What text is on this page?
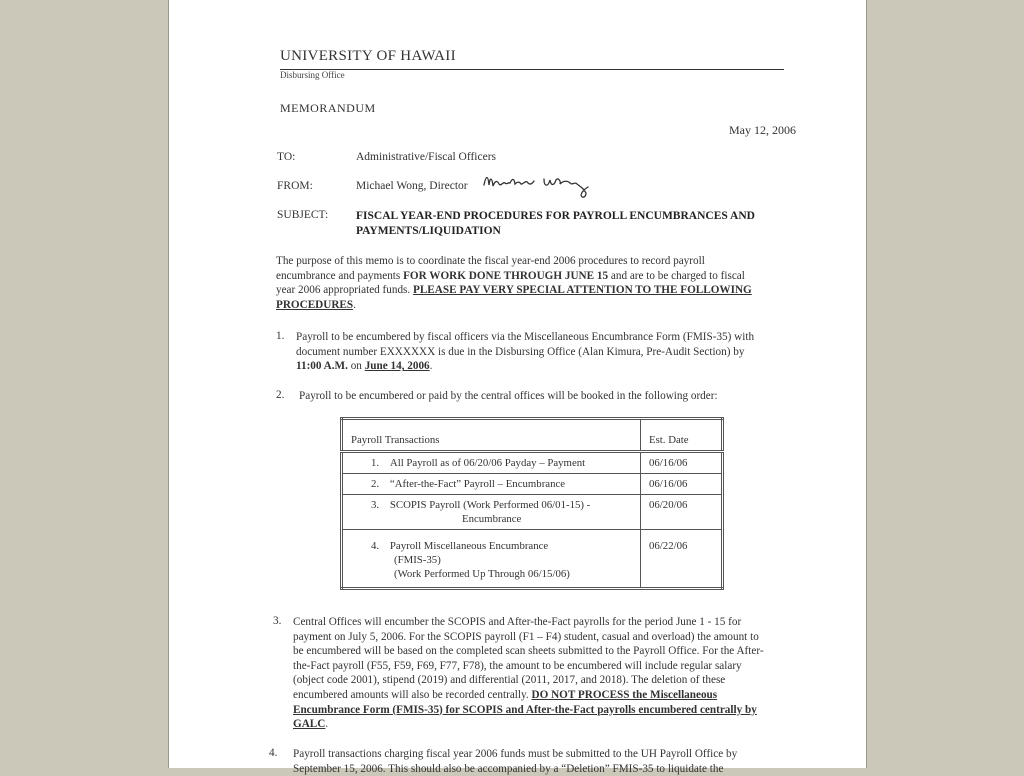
UNIVERSITY OF HAWAII
Disbursing Office
MEMORANDUM
May 12, 2006
TO:	Administrative/Fiscal Officers
FROM:	Michael Wong, Director
SUBJECT: FISCAL YEAR-END PROCEDURES FOR PAYROLL ENCUMBRANCES AND
PAYMENTS/LIQUIDATION
The purpose of this memo is to coordinate the fiscal year-end 2006 procedures to record payroll encumbrance and payments FOR WORK DONE THROUGH JUNE 15 and are to be charged to fiscal year 2006 appropriated funds. PLEASE PAY VERY SPECIAL ATTENTION TO THE FOLLOWING PROCEDURES.
1. Payroll to be encumbered by fiscal officers via the Miscellaneous Encumbrance Form (FMIS-35) with document number EXXXXXX is due in the Disbursing Office (Alan Kimura, Pre-Audit Section) by 11:00 A.M. on June 14, 2006.
2. Payroll to be encumbered or paid by the central offices will be booked in the following order:
Payroll Transactions	Est. Date
1. All Payroll as of 06/20/06 Payday – Payment	06/16/06
2. “After-the-Fact” Payroll – Encumbrance	06/16/06
3. SCOPIS Payroll (Work Performed 06/01-15) -
Encumbrance	06/20/06
4. Payroll Miscellaneous Encumbrance
(FMIS-35)
(Work Performed Up Through 06/15/06)	06/22/06
3. Central Offices will encumber the SCOPIS and After-the-Fact payrolls for the period June 1 - 15 for payment on July 5, 2006. For the SCOPIS payroll (F1 – F4) student, casual and overload) the amount to be encumbered will be based on the completed scan sheets submitted to the Payroll Office. For the After-the-Fact payroll (F55, F59, F69, F77, F78), the amount to be encumbered will include regular salary (object code 2001), stipend (2019) and differential (2011, 2017, and 2018). The deletion of these encumbered amounts will also be recorded centrally. DO NOT PROCESS the Miscellaneous Encumbrance Form (FMIS-35) for SCOPIS and After-the-Fact payrolls encumbered centrally by GALC.
4. Payroll transactions charging fiscal year 2006 funds must be submitted to the UH Payroll Office by September 15, 2006. This should also be accompanied by a “Deletion” FMIS-35 to liquidate the
